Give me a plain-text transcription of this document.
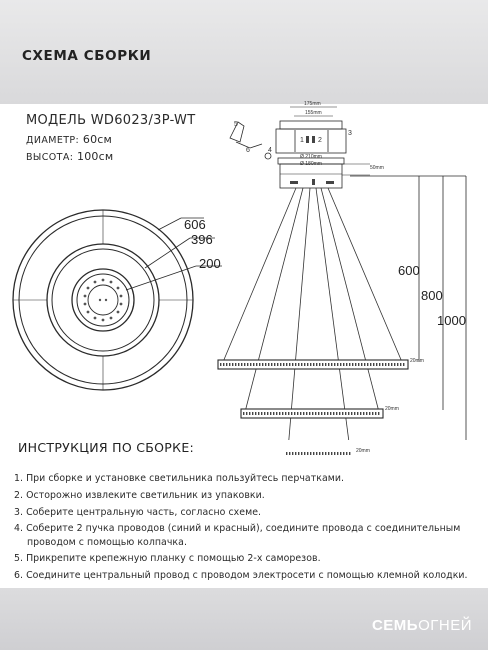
СХЕМА СБОРКИ
МОДЕЛЬ WD6023/3P-WT
ДИАМЕТР: 60см
ВЫСОТА: 100см
606
396
200
175mm
155mm
Ø 210mm
Ø 180mm
50mm
1 2
3
4
5
6
20mm
20mm
600
800
1000
20mm
ИНСТРУКЦИЯ ПО СБОРКЕ:
1. При сборке и установке светильника пользуйтесь перчатками.
2. Осторожно извлеките светильник из упаковки.
3. Соберите центральную часть, согласно схеме.
4. Соберите 2 пучка проводов (синий и красный), соедините провода с соединительным
проводом с помощью колпачка.
5. Прикрепите крепежную планку с помощью 2-х саморезов.
6. Соедините центральный провод с проводом электросети с помощью клемной колодки.
СЕМЬОГНЕЙ
